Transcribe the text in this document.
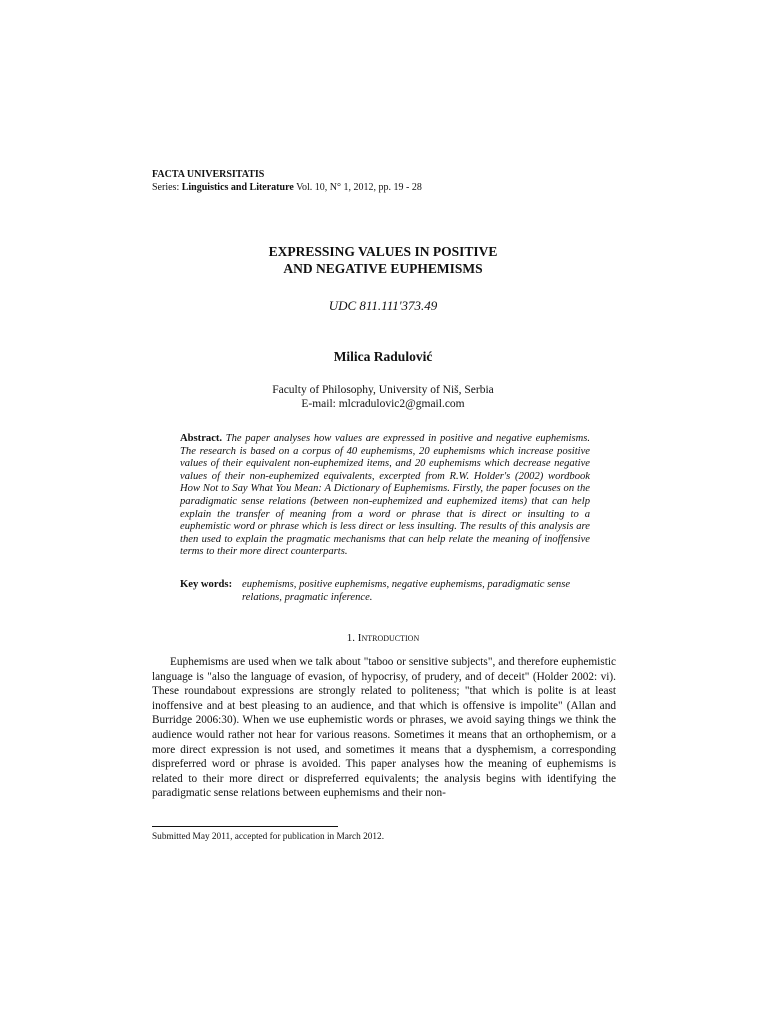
FACTA UNIVERSITATIS
Series: Linguistics and Literature Vol. 10, N° 1, 2012, pp. 19 - 28
EXPRESSING VALUES IN POSITIVE
AND NEGATIVE EUPHEMISMS
UDC 811.111'373.49
Milica Radulović
Faculty of Philosophy, University of Niš, Serbia
E-mail: mlcradulovic2@gmail.com
Abstract. The paper analyses how values are expressed in positive and negative euphemisms. The research is based on a corpus of 40 euphemisms, 20 euphemisms which increase positive values of their equivalent non-euphemized items, and 20 euphemisms which decrease negative values of their non-euphemized equivalents, excerpted from R.W. Holder's (2002) wordbook How Not to Say What You Mean: A Dictionary of Euphemisms. Firstly, the paper focuses on the paradigmatic sense relations (between non-euphemized and euphemized items) that can help explain the transfer of meaning from a word or phrase that is direct or insulting to a euphemistic word or phrase which is less direct or less insulting. The results of this analysis are then used to explain the pragmatic mechanisms that can help relate the meaning of inoffensive terms to their more direct counterparts.
Key words: euphemisms, positive euphemisms, negative euphemisms, paradigmatic sense relations, pragmatic inference.
1. Introduction

Euphemisms are used when we talk about "taboo or sensitive subjects", and therefore euphemistic language is "also the language of evasion, of hypocrisy, of prudery, and of deceit" (Holder 2002: vi). These roundabout expressions are strongly related to politeness; "that which is polite is at least inoffensive and at best pleasing to an audience, and that which is offensive is impolite" (Allan and Burridge 2006:30). When we use euphemistic words or phrases, we avoid saying things we think the audience would rather not hear for various reasons. Sometimes it means that an orthophemism, or a more direct expression is not used, and sometimes it means that a dysphemism, a corresponding dispreferred word or phrase is avoided. This paper analyses how the meaning of euphemisms is related to their more direct or dispreferred equivalents; the analysis begins with identifying the paradigmatic sense relations between euphemisms and their non-

Submitted May 2011, accepted for publication in March 2012.
